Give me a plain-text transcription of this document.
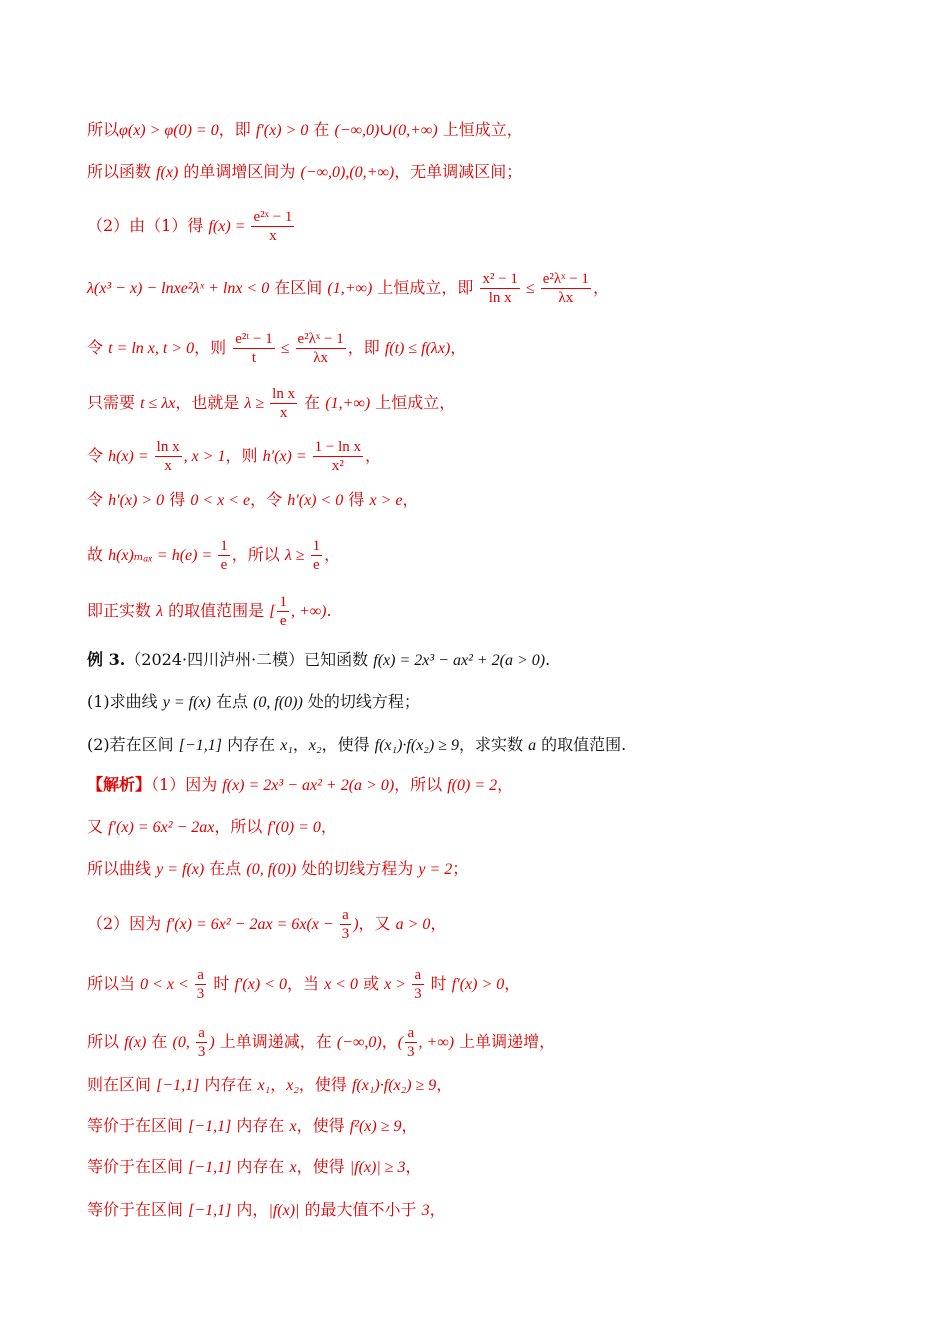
所以φ(x) > φ(0) = 0，即 f′(x) > 0 在 (−∞,0)∪(0,+∞) 上恒成立，
所以函数 f(x) 的单调增区间为 (−∞,0),(0,+∞)，无单调减区间；
（2）由（1）得 $f(x) = \frac{\text{e²ˣ − 1}}{x}$
λ(x³ − x) − lnxe²λˣ + lnx < 0 在区间 (1,+∞) 上恒成立，即 $\frac{\text{x² − 1}}{\text{ln x}} \le \frac{\text{e²λˣ − 1}}{\lambda x}$ ，
令 t = ln x, t > 0，则 $\frac{\text{e²ᵗ − 1}}{t} \le \frac{\text{e²λˣ − 1}}{\lambda x}$ ，即 f(t) ≤ f(λx)，
只需要 t ≤ λx，也就是 $\lambda \ge \frac{\text{ln x}}{x}$ 在 (1,+∞) 上恒成立，
令 $h(x) = \frac{\text{ln x}}{x}$ , x > 1，则 $h'(x) = \frac{\text{1 − ln x}}{\text{x²}}$ ，
令 h′(x) > 0 得 0 < x < e，令 h′(x) < 0 得 x > e，
故 $h(x)_{max} = h(e) = \frac{1}{e}$ ，所以 $\lambda \ge \frac{1}{e}$ ，
即正实数 λ 的取值范围是 [ $\frac{1}{e}$ , +∞).
例 3.（2024·四川泸州·二模）已知函数 f(x) = 2x³ − ax² + 2(a > 0).
(1)求曲线 y = f(x) 在点 (0, f(0)) 处的切线方程；
(2)若在区间 [−1,1] 内存在 x₁，x₂，使得 f(x₁)·f(x₂) ≥ 9，求实数 a 的取值范围.
【解析】（1）因为 f(x) = 2x³ − ax² + 2(a > 0)，所以 f(0) = 2，
又 f′(x) = 6x² − 2ax，所以 f′(0) = 0，
所以曲线 y = f(x) 在点 (0, f(0)) 处的切线方程为 y = 2；
（2）因为 $f'(x) = 6x^2 - 2ax = 6x(x - \frac{a}{3}$ )，又 a > 0，
所以当 $0 < x < \frac{a}{3}$ 时 f′(x) < 0，当 x < 0 或 $x > \frac{a}{3}$ 时 f′(x) > 0，
所以 f(x) 在 (0, $\frac{a}{3}$ ) 上单调递减，在 (−∞,0)，( $\frac{a}{3}$ , +∞) 上单调递增，
则在区间 [−1,1] 内存在 x₁，x₂，使得 f(x₁)·f(x₂) ≥ 9，
等价于在区间 [−1,1] 内存在 x，使得 f²(x) ≥ 9，
等价于在区间 [−1,1] 内存在 x，使得 |f(x)| ≥ 3，
等价于在区间 [−1,1] 内，|f(x)| 的最大值不小于 3，
